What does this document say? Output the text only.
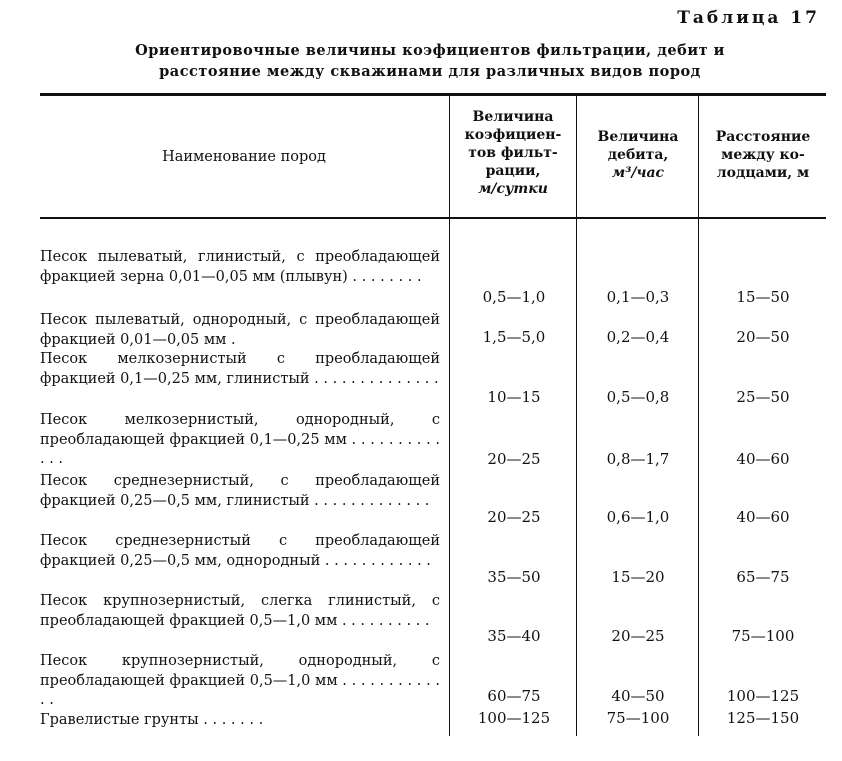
Таблица 17
Ориентировочные величины коэфициентов фильтрации, дебит и
расстояние между скважинами для различных видов пород
Наименование пород
Величина
коэфициен-
тов фильт-
рации,
м/сутки
Величина
дебита,
м³/час
Расстояние
между ко-
лодцами, м
Песок пылеватый, глинистый, с преобладающей фракцией зерна 0,01—0,05 мм (плывун) . . . . . . . .
0,5—1,0	0,1—0,3	15—50
Песок пылеватый, однородный, с преобладающей фракцией 0,01—0,05 мм .	1,5—5,0	0,2—0,4	20—50
Песок мелкозернистый с преобладающей фракцией 0,1—0,25 мм, глинистый . . . . . . . . . . . . . .
10—15	0,5—0,8	25—50
Песок мелкозернистый, однородный, с преобладающей фракцией 0,1—0,25 мм . . . . . . . . . . . . .	20—25	0,8—1,7	40—60
Песок среднезернистый, с преобладающей фракцией 0,25—0,5 мм, глинистый . . . . . . . . . . . . .
20—25	0,6—1,0	40—60
Песок среднезернистый с преобладающей фракцией 0,25—0,5 мм, однородный . . . . . . . . . . . .
35—50	15—20	65—75
Песок крупнозернистый, слегка глинистый, с преобладающей фракцией 0,5—1,0 мм . . . . . . . . . .
35—40	20—25	75—100
Песок крупнозернистый, однородный, с преобладающей фракцией 0,5—1,0 мм . . . . . . . . . . . . .	60—75	40—50	100—125
Гравелистые грунты . . . . . . .	100—125	75—100	125—150
